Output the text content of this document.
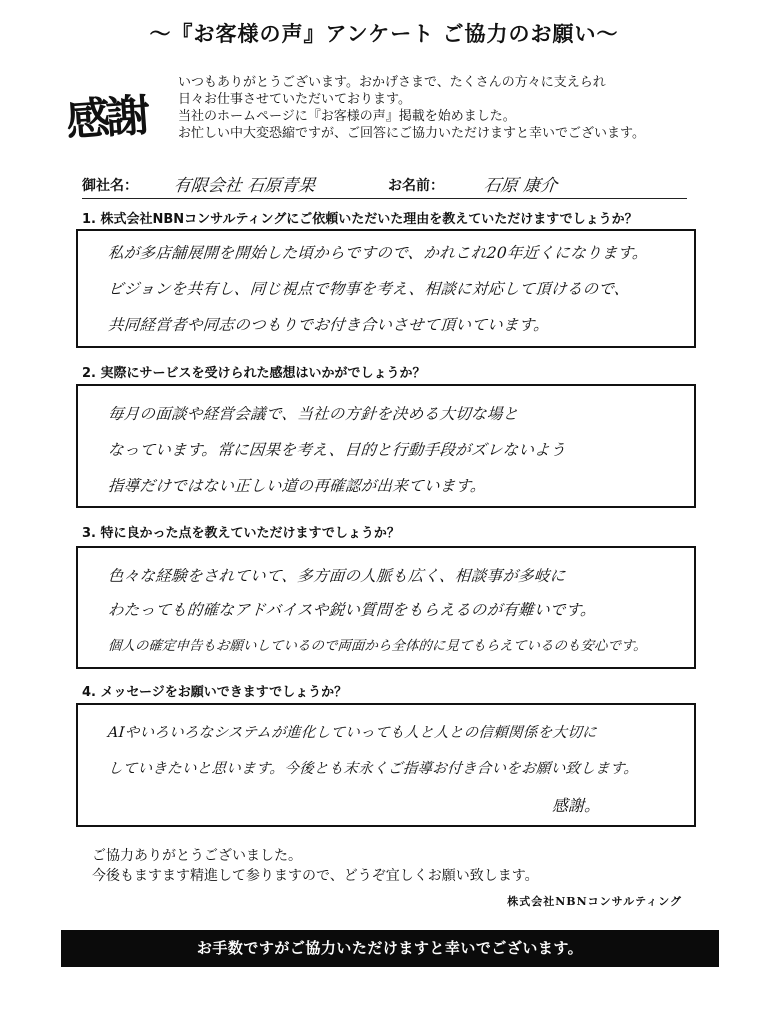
～『お客様の声』アンケート ご協力のお願い～
感謝
いつもありがとうございます。おかげさまで、たくさんの方々に支えられ
日々お仕事させていただいております。
当社のホームページに『お客様の声』掲載を始めました。
お忙しい中大変恐縮ですが、ご回答にご協力いただけますと幸いでございます。
御社名： 有限会社 石原青果	お名前： 石原 康介
1. 株式会社NBNコンサルティングにご依頼いただいた理由を教えていただけますでしょうか？
私が多店舗展開を開始した頃からですので、かれこれ20年近くになります。
ビジョンを共有し、同じ視点で物事を考え、相談に対応して頂けるので、
共同経営者や同志のつもりでお付き合いさせて頂いています。
2. 実際にサービスを受けられた感想はいかがでしょうか？
毎月の面談や経営会議で、当社の方針を決める大切な場と
なっています。常に因果を考え、目的と行動手段がズレないよう
指導だけではない正しい道の再確認が出来ています。
3. 特に良かった点を教えていただけますでしょうか？
色々な経験をされていて、多方面の人脈も広く、相談事が多岐に
わたっても的確なアドバイスや鋭い質問をもらえるのが有難いです。
個人の確定申告もお願いしているので両面から全体的に見てもらえているのも安心です。
4. メッセージをお願いできますでしょうか？
AIやいろいろなシステムが進化していっても人と人との信頼関係を大切に
していきたいと思います。今後とも末永くご指導お付き合いをお願い致します。
感謝。
ご協力ありがとうございました。
今後もますます精進して参りますので、どうぞ宜しくお願い致します。
株式会社NBNコンサルティング
お手数ですがご協力いただけますと幸いでございます。
